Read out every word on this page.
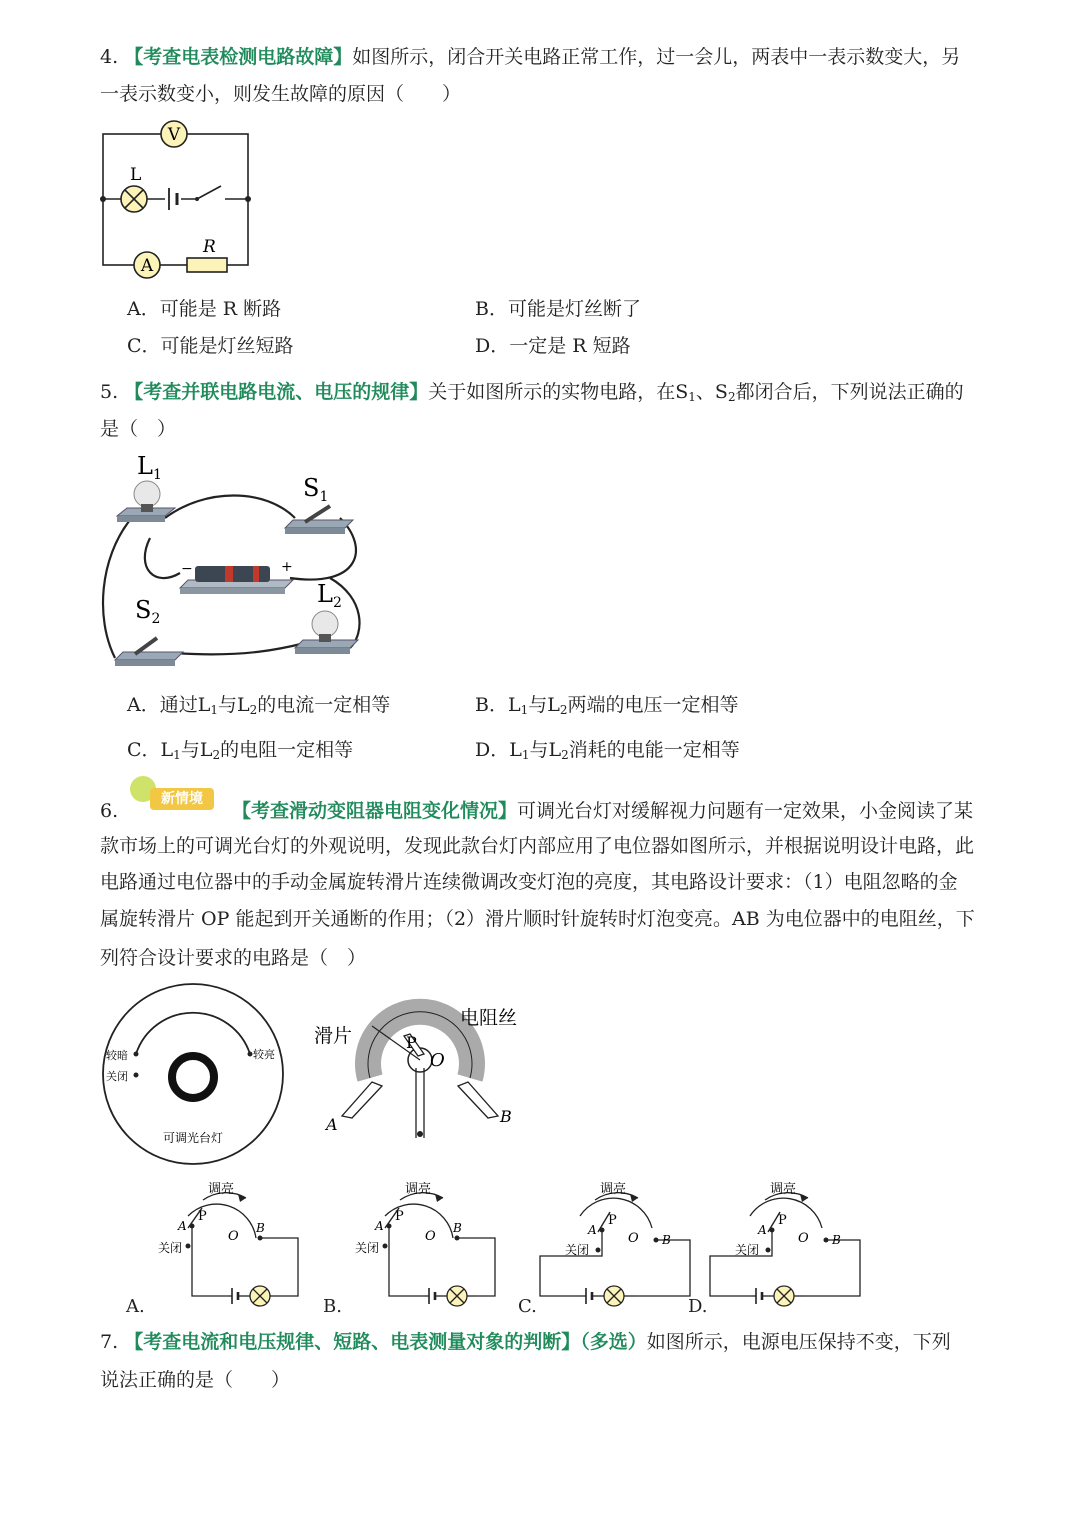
4. 【考查电表检测电路故障】如图所示，闭合开关电路正常工作，过一会儿，两表中一表示数变大，另
一表示数变小，则发生故障的原因（　　）
V
L
A
R
A．可能是 R 断路	B．可能是灯丝断了
C．可能是灯丝短路	D．一定是 R 短路
5. 【考查并联电路电流、电压的规律】关于如图所示的实物电路，在$S_1$、$S_2$都闭合后，下列说法正确的
是（　）
$L_1$	$S_1$
−	+
$L_2$
$S_2$
A．通过$L_1$与$L_2$的电流一定相等	B．$L_1$与$L_2$两端的电压一定相等
C．$L_1$与$L_2$的电阻一定相等	D．$L_1$与$L_2$消耗的电能一定相等
6.
新情境
【考查滑动变阻器电阻变化情况】可调光台灯对缓解视力问题有一定效果，小金阅读了某
款市场上的可调光台灯的外观说明，发现此款台灯内部应用了电位器如图所示，并根据说明设计电路，此
电路通过电位器中的手动金属旋转滑片连续微调改变灯泡的亮度，其电路设计要求：（1）电阻忽略的金
属旋转滑片 OP 能起到开关通断的作用；（2）滑片顺时针旋转时灯泡变亮。AB 为电位器中的电阻丝，下
列符合设计要求的电路是（　）
较暗	较亮
关闭
可调光台灯
滑片
电阻丝
P
O
A	B
调亮
关闭
A
P
O
B
A.
调亮
关闭
A
P
O
B
B.
调亮
关闭
A
P
O B
C.
调亮
关闭
A
P
O B
D.
7. 【考查电流和电压规律、短路、电表测量对象的判断】（多选）如图所示，电源电压保持不变，下列
说法正确的是（　　）
